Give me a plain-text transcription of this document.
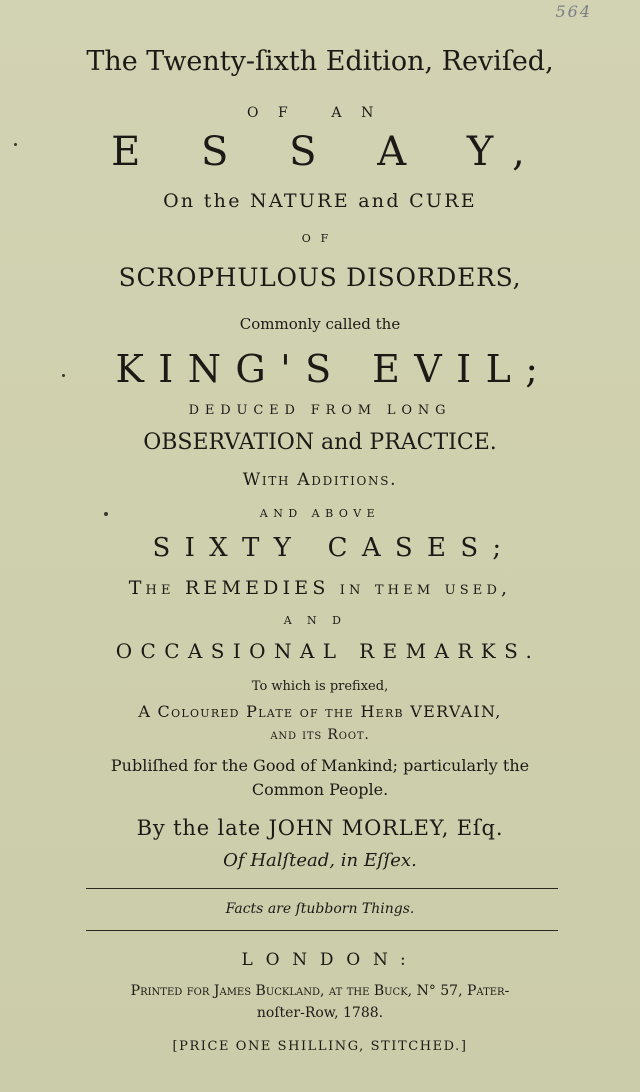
564
The Twenty-ſixth Edition, Reviſed,
OF AN
E S S A Y,
On the NATURE and CURE
OF
SCROPHULOUS DISORDERS,
Commonly called the
KING'S EVIL;
DEDUCED FROM LONG
OBSERVATION and PRACTICE.
With Additions.
AND ABOVE
SIXTY CASES;
The REMEDIES in them used,
AND
OCCASIONAL REMARKS.
To which is prefixed,
A Coloured Plate of the Herb VERVAIN,
and its Root.
Publiſhed for the Good of Mankind; particularly the
Common People.
By the late JOHN MORLEY, Eſq.
Of Halſtead, in Eſſex.
Facts are ſtubborn Things.
LONDON:
Printed for James Buckland, at the Buck, N° 57, Pater-
noſter-Row, 1788.
[PRICE ONE SHILLING, STITCHED.]
